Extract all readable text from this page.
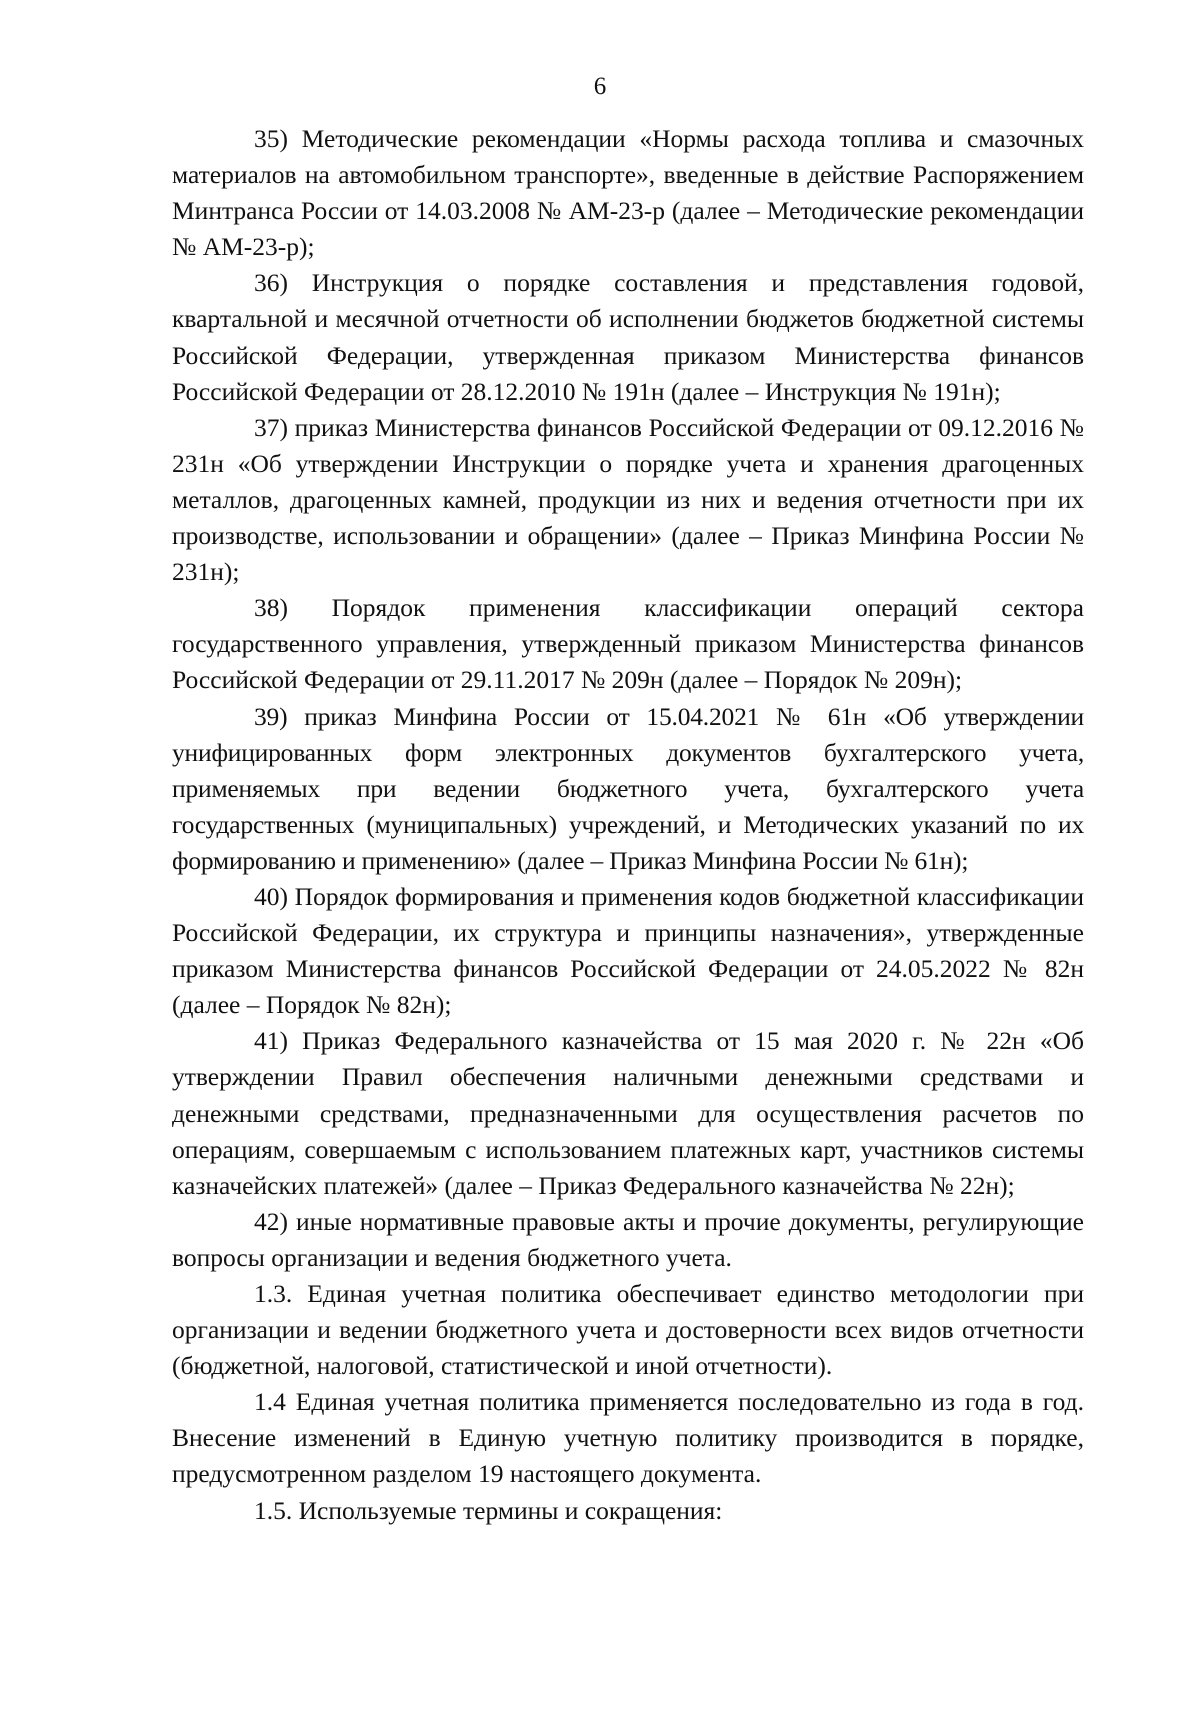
6

35) Методические рекомендации «Нормы расхода топлива и смазочных материалов на автомобильном транспорте», введенные в действие Распоряжением Минтранса России от 14.03.2008 № АМ-23-р (далее – Методические рекомендации № АМ-23-р);

36) Инструкция о порядке составления и представления годовой, квартальной и месячной отчетности об исполнении бюджетов бюджетной системы Российской Федерации, утвержденная приказом Министерства финансов Российской Федерации от 28.12.2010 № 191н (далее – Инструкция № 191н);

37) приказ Министерства финансов Российской Федерации от 09.12.2016 № 231н «Об утверждении Инструкции о порядке учета и хранения драгоценных металлов, драгоценных камней, продукции из них и ведения отчетности при их производстве, использовании и обращении» (далее – Приказ Минфина России № 231н);

38) Порядок применения классификации операций сектора государственного управления, утвержденный приказом Министерства финансов Российской Федерации от 29.11.2017 № 209н (далее – Порядок № 209н);

39) приказ Минфина России от 15.04.2021 № 61н «Об утверждении унифицированных форм электронных документов бухгалтерского учета, применяемых при ведении бюджетного учета, бухгалтерского учета государственных (муниципальных) учреждений, и Методических указаний по их формированию и применению» (далее – Приказ Минфина России № 61н);

40) Порядок формирования и применения кодов бюджетной классификации Российской Федерации, их структура и принципы назначения», утвержденные приказом Министерства финансов Российской Федерации от 24.05.2022 № 82н (далее – Порядок № 82н);

41) Приказ Федерального казначейства от 15 мая 2020 г. № 22н «Об утверждении Правил обеспечения наличными денежными средствами и денежными средствами, предназначенными для осуществления расчетов по операциям, совершаемым с использованием платежных карт, участников системы казначейских платежей» (далее – Приказ Федерального казначейства № 22н);

42) иные нормативные правовые акты и прочие документы, регулирующие вопросы организации и ведения бюджетного учета.

1.3. Единая учетная политика обеспечивает единство методологии при организации и ведении бюджетного учета и достоверности всех видов отчетности (бюджетной, налоговой, статистической и иной отчетности).

1.4 Единая учетная политика применяется последовательно из года в год. Внесение изменений в Единую учетную политику производится в порядке, предусмотренном разделом 19 настоящего документа.

1.5. Используемые термины и сокращения:
